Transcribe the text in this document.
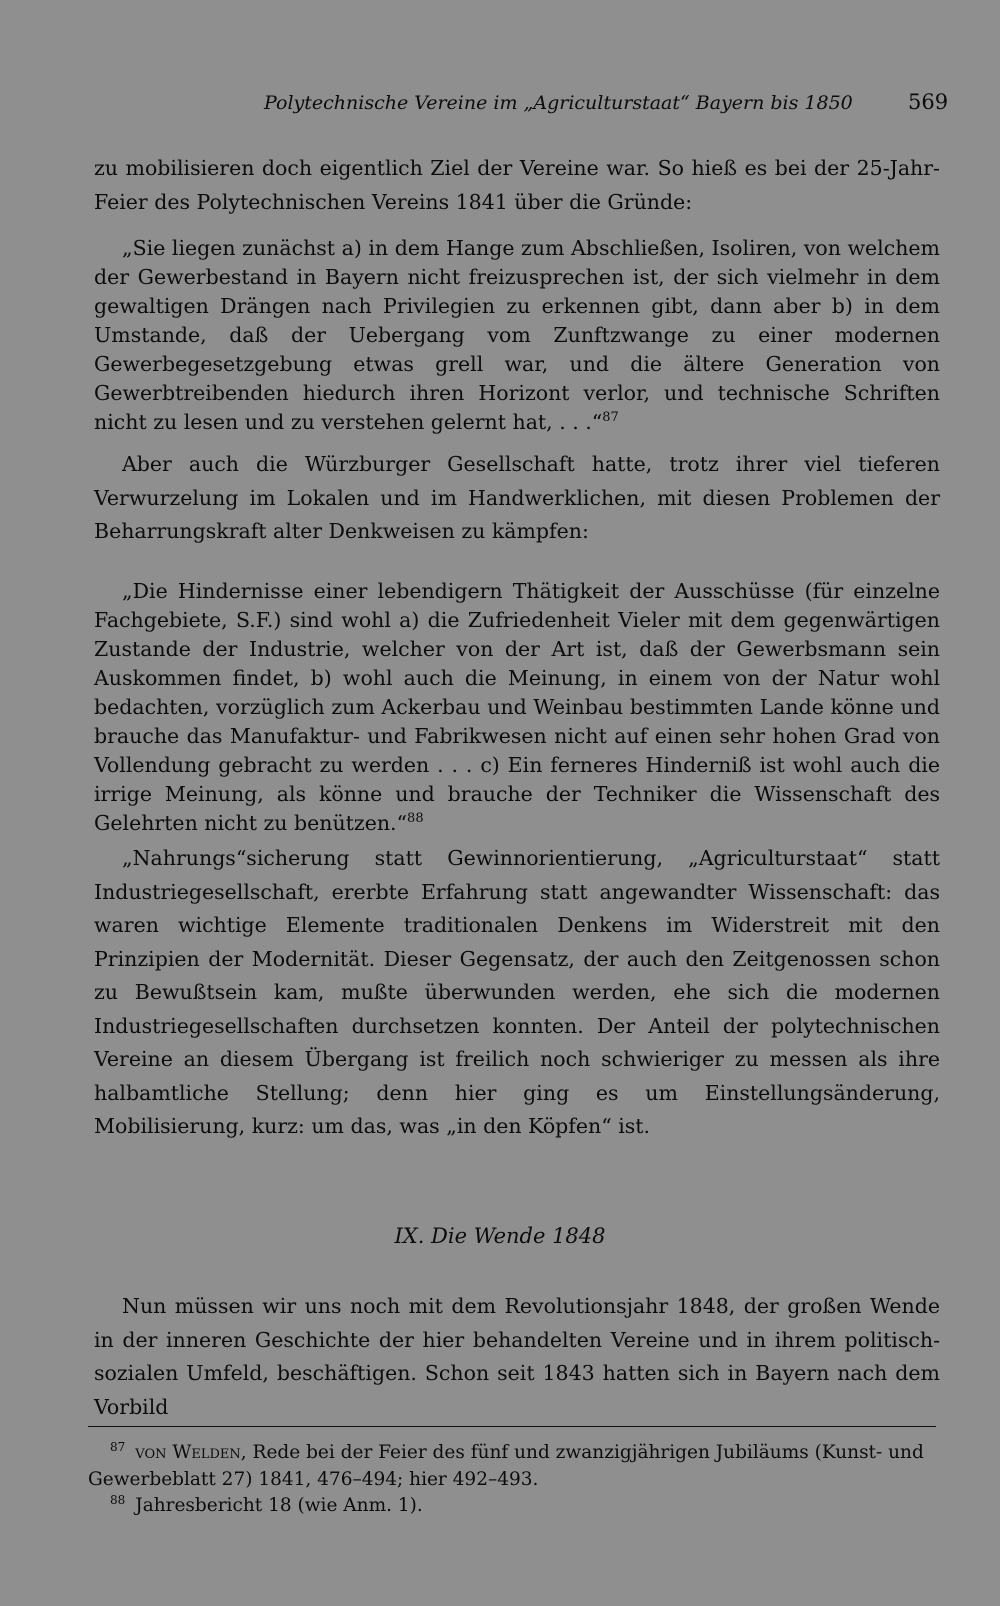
Polytechnische Vereine im „Agriculturstaat“ Bayern bis 1850	569
zu mobilisieren doch eigentlich Ziel der Vereine war. So hieß es bei der 25-Jahr-Feier des Polytechnischen Vereins 1841 über die Gründe:
„Sie liegen zunächst a) in dem Hange zum Abschließen, Isoliren, von welchem der Gewerbestand in Bayern nicht freizusprechen ist, der sich vielmehr in dem gewaltigen Drängen nach Privilegien zu erkennen gibt, dann aber b) in dem Umstande, daß der Uebergang vom Zunftzwange zu einer modernen Gewerbegesetzgebung etwas grell war, und die ältere Generation von Gewerbtreibenden hiedurch ihren Horizont verlor, und technische Schriften nicht zu lesen und zu verstehen gelernt hat, . . .“$^{87}$
Aber auch die Würzburger Gesellschaft hatte, trotz ihrer viel tieferen Verwurzelung im Lokalen und im Handwerklichen, mit diesen Problemen der Beharrungskraft alter Denkweisen zu kämpfen:
„Die Hindernisse einer lebendigern Thätigkeit der Ausschüsse (für einzelne Fachgebiete, S.F.) sind wohl a) die Zufriedenheit Vieler mit dem gegenwärtigen Zustande der Industrie, welcher von der Art ist, daß der Gewerbsmann sein Auskommen findet, b) wohl auch die Meinung, in einem von der Natur wohl bedachten, vorzüglich zum Ackerbau und Weinbau bestimmten Lande könne und brauche das Manufaktur- und Fabrikwesen nicht auf einen sehr hohen Grad von Vollendung gebracht zu werden . . . c) Ein ferneres Hinderniß ist wohl auch die irrige Meinung, als könne und brauche der Techniker die Wissenschaft des Gelehrten nicht zu benützen.“$^{88}$
„Nahrungs“sicherung statt Gewinnorientierung, „Agriculturstaat“ statt Industriegesellschaft, ererbte Erfahrung statt angewandter Wissenschaft: das waren wichtige Elemente traditionalen Denkens im Widerstreit mit den Prinzipien der Modernität. Dieser Gegensatz, der auch den Zeitgenossen schon zu Bewußtsein kam, mußte überwunden werden, ehe sich die modernen Industriegesellschaften durchsetzen konnten. Der Anteil der polytechnischen Vereine an diesem Übergang ist freilich noch schwieriger zu messen als ihre halbamtliche Stellung; denn hier ging es um Einstellungsänderung, Mobilisierung, kurz: um das, was „in den Köpfen“ ist.
IX. Die Wende 1848
Nun müssen wir uns noch mit dem Revolutionsjahr 1848, der großen Wende in der inneren Geschichte der hier behandelten Vereine und in ihrem politisch-sozialen Umfeld, beschäftigen. Schon seit 1843 hatten sich in Bayern nach dem Vorbild
$^{87}$ von Welden, Rede bei der Feier des fünf und zwanzigjährigen Jubiläums (Kunst- und Gewerbeblatt 27) 1841, 476–494; hier 492–493.
$^{88}$ Jahresbericht 18 (wie Anm. 1).
